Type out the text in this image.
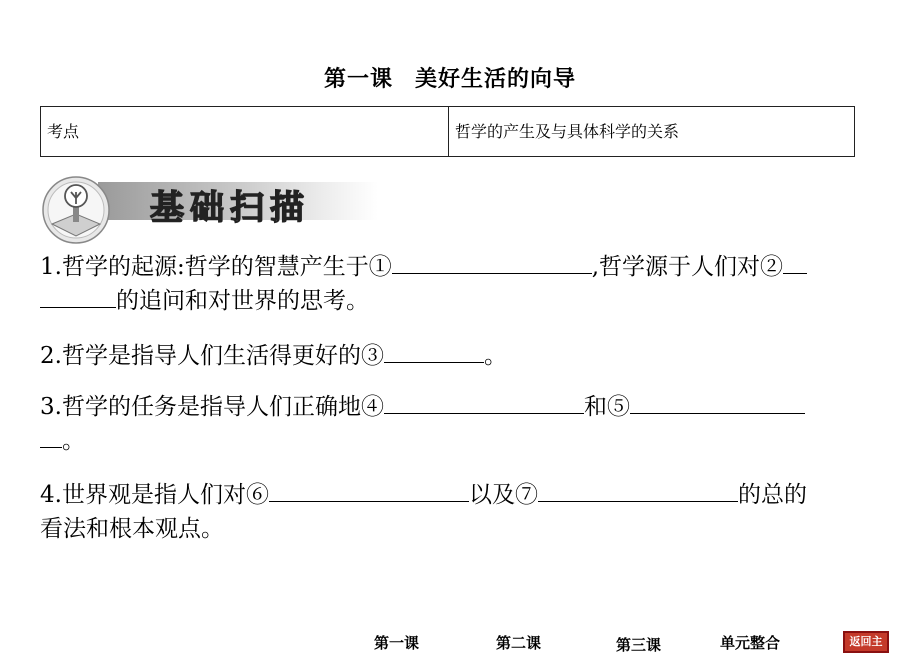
第一课 美好生活的向导
考点	哲学的产生及与具体科学的关系
基础扫描
1.哲学的起源:哲学的智慧产生于①	,哲学源于人们对②
的追问和对世界的思考。
2.哲学是指导人们生活得更好的③	。
3.哲学的任务是指导人们正确地④	和⑤
。
4.世界观是指人们对⑥	以及⑦	的总的
看法和根本观点。
第一课	第二课	第三课	单元整合	返回主页
